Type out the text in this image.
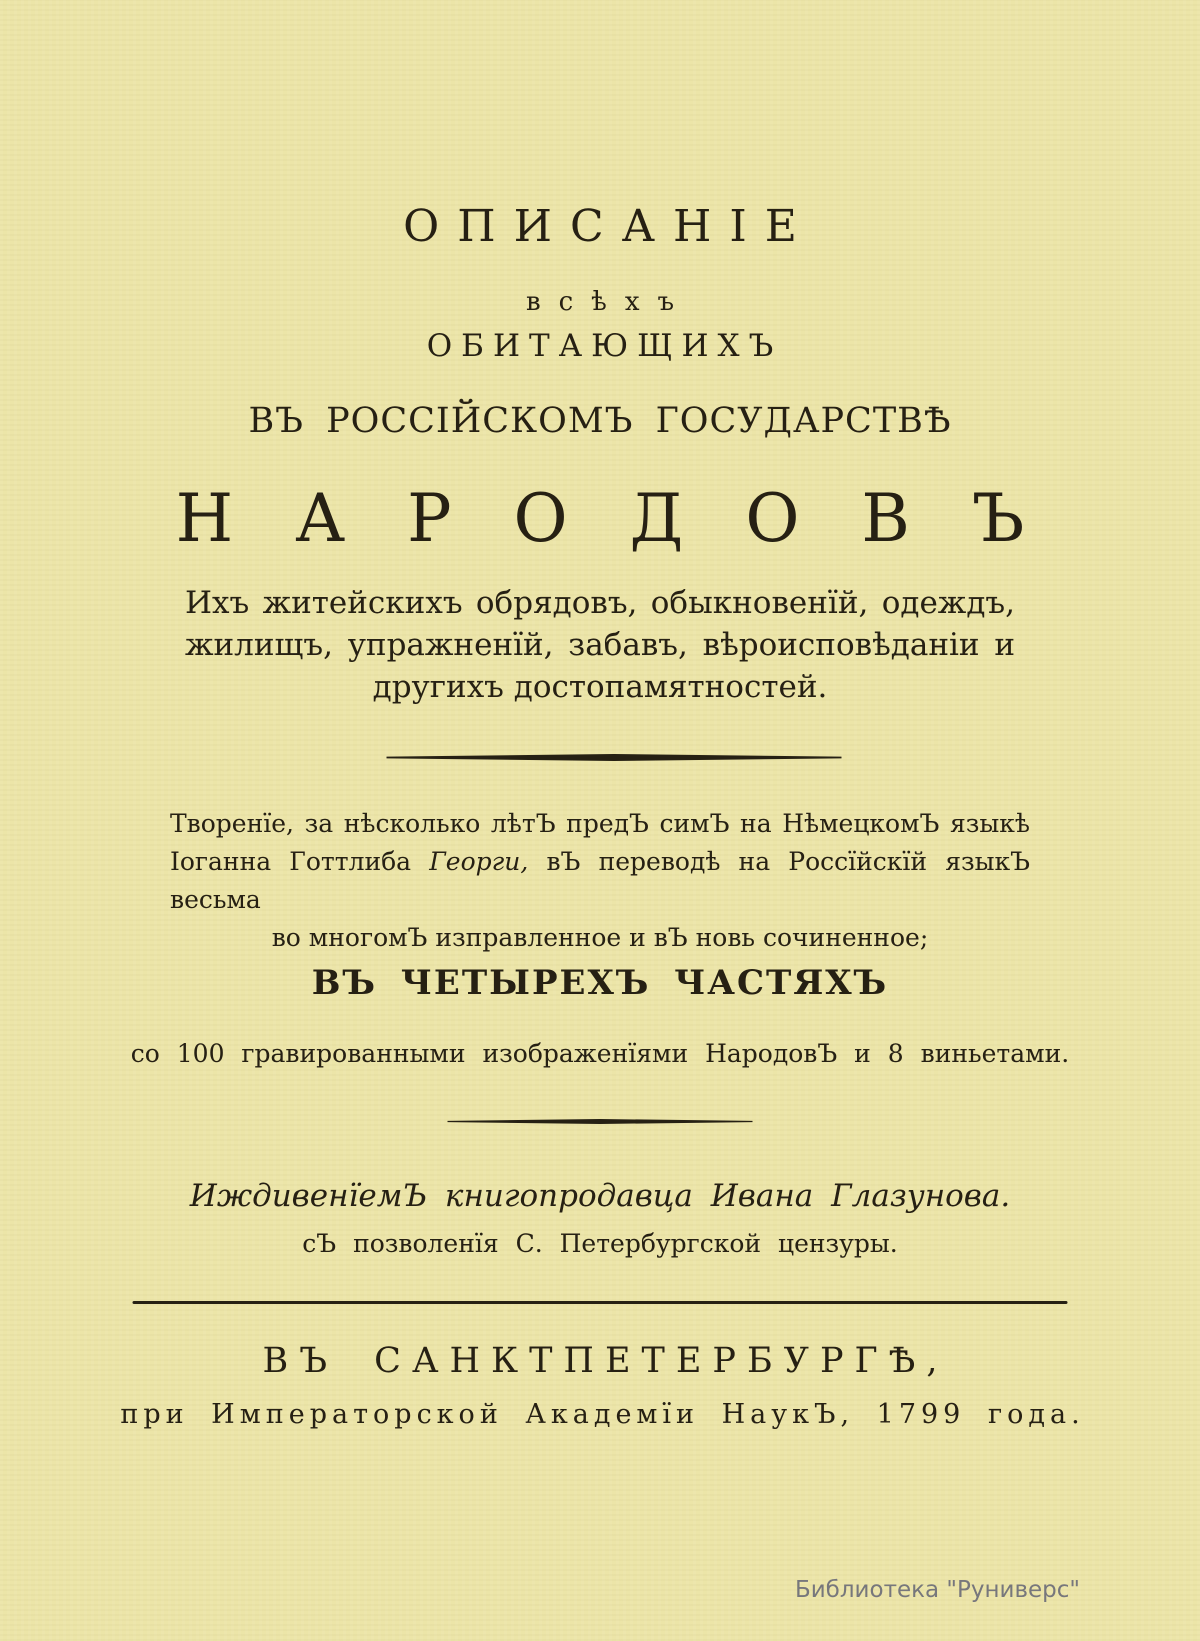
ОПИСАНІЕ
всѣхъ
ОБИТАЮЩИХЪ
ВЪ РОССІЙСКОМЪ ГОСУДАРСТВѢ
НАРОДОВЪ
Ихъ житейскихъ обрядовъ, обыкновенїй, одеждъ,
жилищъ, упражненїй, забавъ, вѣроисповѣданіи и
другихъ достопамятностей.
Творенїе, за нѣсколько лѣтЪ предЪ симЪ на НѣмецкомЪ языкѣ
Іоганна Готтлиба Георги, вЪ переводѣ на Россїйскїй языкЪ весьма
во многомЪ изправленное и вЪ новь сочиненное;
ВЪ ЧЕТЫРЕХЪ ЧАСТЯХЪ
со 100 гравированными изображенїями НародовЪ и 8 виньетами.
ИждивенїемЪ книгопродавца Ивана Глазунова.
сЪ позволенїя С. Петербургской цензуры.
ВЪ САНКТПЕТЕРБУРГѢ,
при Императорской Академїи НаукЪ, 1799 года.
Библиотека "Руниверс"
